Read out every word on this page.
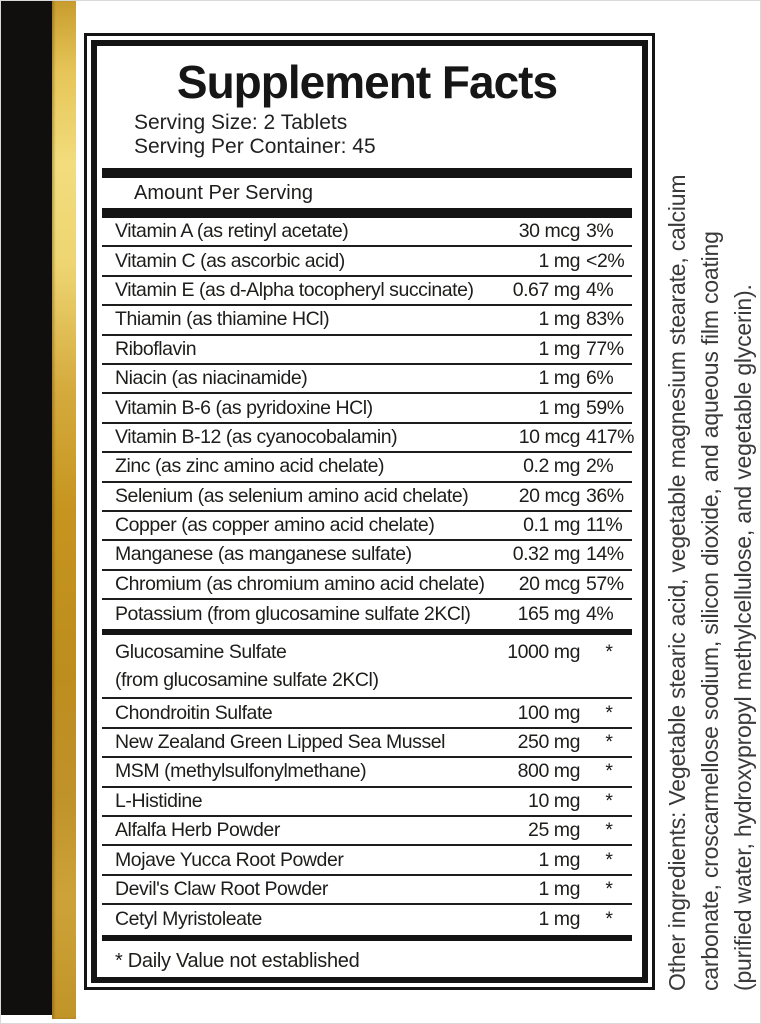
Supplement Facts
Serving Size: 2 Tablets
Serving Per Container: 45
Amount Per Serving
Vitamin A (as retinyl acetate)	30 mcg 3%
Vitamin C (as ascorbic acid)	1 mg <2%
Vitamin E (as d-Alpha tocopheryl succinate)	0.67 mg 4%
Thiamin (as thiamine HCl)	1 mg 83%
Riboflavin	1 mg 77%
Niacin (as niacinamide)	1 mg 6%
Vitamin B-6 (as pyridoxine HCl)	1 mg 59%
Vitamin B-12 (as cyanocobalamin)	10 mcg 417%
Zinc (as zinc amino acid chelate)	0.2 mg 2%
Selenium (as selenium amino acid chelate)	20 mcg 36%
Copper (as copper amino acid chelate)	0.1 mg 11%
Manganese (as manganese sulfate)	0.32 mg 14%
Chromium (as chromium amino acid chelate)	20 mcg 57%
Potassium (from glucosamine sulfate 2KCl)	165 mg 4%
Glucosamine Sulfate
(from glucosamine sulfate 2KCl)
1000 mg	*
Chondroitin Sulfate	100 mg	*
New Zealand Green Lipped Sea Mussel	250 mg	*
MSM (methylsulfonylmethane)	800 mg	*
L-Histidine	10 mg	*
Alfalfa Herb Powder	25 mg	*
Mojave Yucca Root Powder	1 mg	*
Devil's Claw Root Powder	1 mg	*
Cetyl Myristoleate	1 mg	*
* Daily Value not established	Other ingredients: Vegetable stearic acid, vegetable magnesium stearate, calcium carbonate, croscarmellose sodium, silicon dioxide, and aqueous film coating (purified water, hydroxypropyl methylcellulose, and vegetable glycerin).
